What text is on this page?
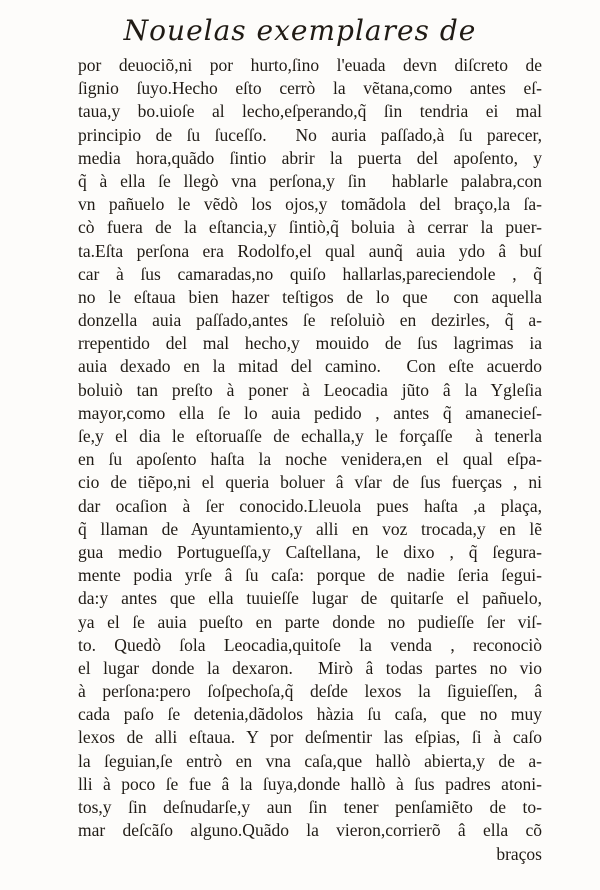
Nouelas exemplares de
por deuociõ,ni por hurto,ſino l'euada devn diſcreto de
ſignio ſuyo.Hecho eſto cerrò la vẽtana,como antes eſ-
taua,y bo.uioſe al lecho,eſperando,q̃ ſin tendria ei mal
principio de ſu ſuceſſo.  No auria paſſado,à ſu parecer,
media hora,quãdo ſintio abrir la puerta del apoſento, y
q̃ à ella ſe llegò vna perſona,y ſin  hablarle palabra,con
vn pañuelo le vẽdò los ojos,y tomãdola del braço,la ſa-
cò fuera de la eſtancia,y ſintiò,q̃ boluia à cerrar la puer-
ta.Eſta perſona era Rodolfo,el qual aunq̃ auia ydo â buſ
car à ſus camaradas,no quiſo hallarlas,pareciendole , q̃
no le eſtaua bien hazer teſtigos de lo que  con aquella
donzella auia paſſado,antes ſe reſoluiò en dezirles, q̃ a-
rrepentido del mal hecho,y mouido de ſus lagrimas ia
auia dexado en la mitad del camino.  Con eſte acuerdo
boluiò tan preſto à poner à Leocadia jũto â la Ygleſia
mayor,como ella ſe lo auia pedido , antes q̃ amanecieſ-
ſe,y el dia le eſtoruaſſe de echalla,y le forçaſſe  à tenerla
en ſu apoſento haſta la noche venidera,en el qual eſpa-
cio de tiẽpo,ni el queria boluer â vſar de ſus fuerças , ni
dar ocaſion à ſer conocido.Lleuola pues haſta ,a plaça,
q̃ llaman de Ayuntamiento,y alli en voz trocada,y en lẽ
gua medio Portugueſſa,y Caſtellana, le dixo , q̃ ſegura-
mente podia yrſe â ſu caſa: porque de nadie ſeria ſegui-
da:y antes que ella tuuieſſe lugar de quitarſe el pañuelo,
ya el ſe auia pueſto en parte donde no pudieſſe ſer viſ-
to. Quedò ſola Leocadia,quitoſe la venda , reconociò
el lugar donde la dexaron.  Mirò â todas partes no vio
à perſona:pero ſoſpechoſa,q̃ deſde lexos la ſiguieſſen, â
cada paſo ſe detenia,dãdolos hàzia ſu caſa, que no muy
lexos de alli eſtaua. Y por deſmentir las eſpias, ſi à caſo
la ſeguian,ſe entrò en vna caſa,que hallò abierta,y de a-
lli à poco ſe fue â la ſuya,donde hallò à ſus padres atoni-
tos,y ſin deſnudarſe,y aun ſin tener penſamiẽto de to-
mar deſcãſo alguno.Quãdo la vieron,corrierõ â ella cõ
braços
